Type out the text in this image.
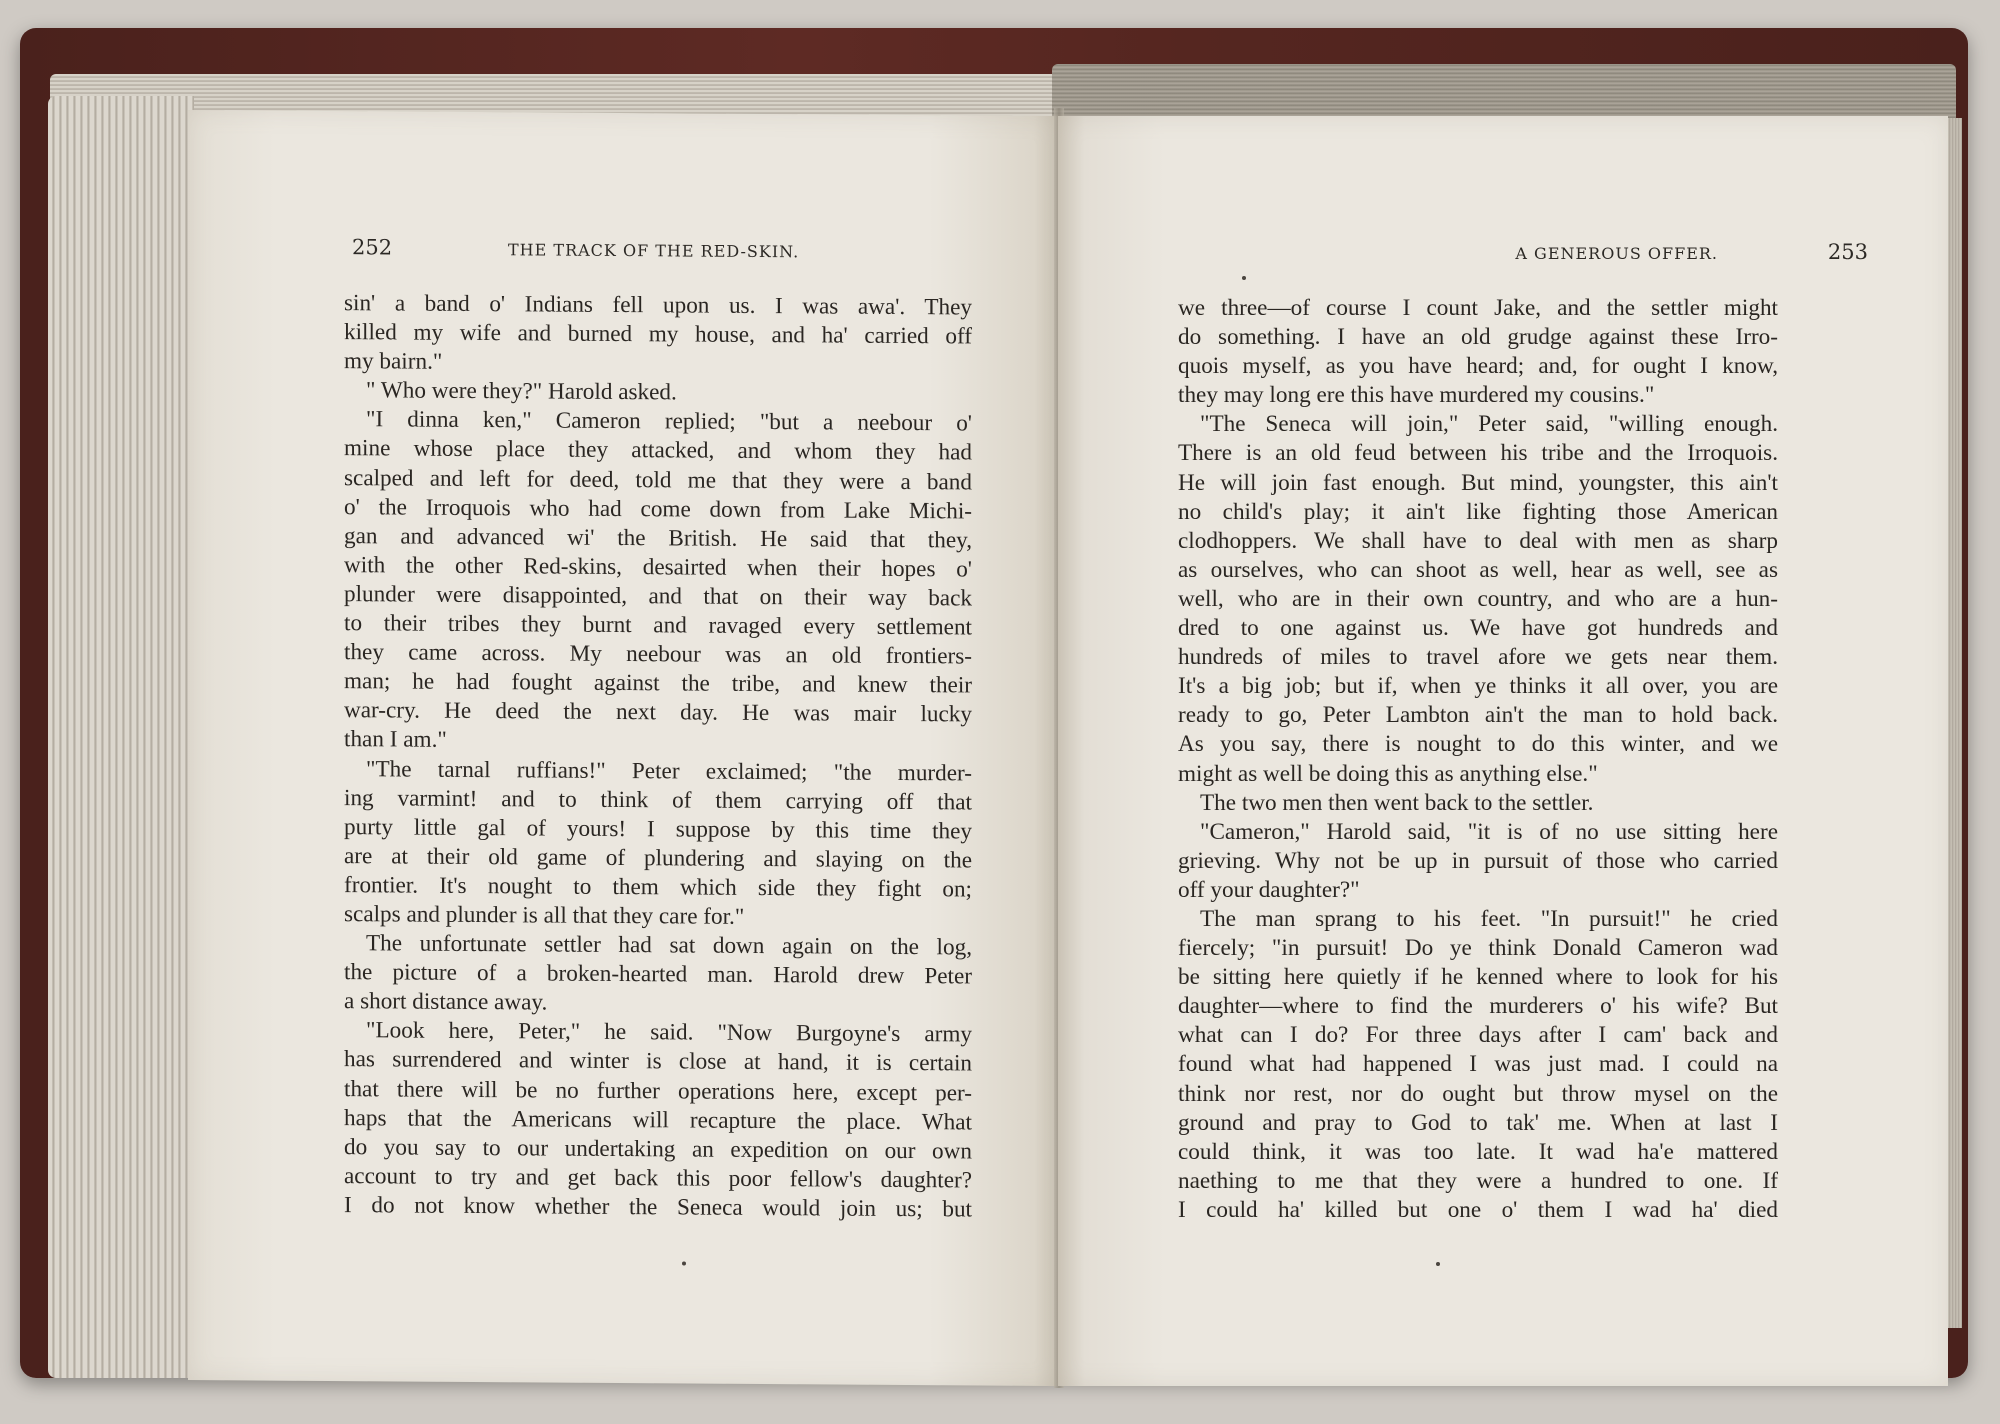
252	THE TRACK OF THE RED-SKIN.
sin' a band o' Indians fell upon us. I was awa'. They
killed my wife and burned my house, and ha' carried off
my bairn."
" Who were they?" Harold asked.
"I dinna ken," Cameron replied; "but a neebour o'
mine whose place they attacked, and whom they had
scalped and left for deed, told me that they were a band
o' the Irroquois who had come down from Lake Michi-
gan and advanced wi' the British. He said that they,
with the other Red-skins, desairted when their hopes o'
plunder were disappointed, and that on their way back
to their tribes they burnt and ravaged every settlement
they came across. My neebour was an old frontiers-
man; he had fought against the tribe, and knew their
war-cry. He deed the next day. He was mair lucky
than I am."
"The tarnal ruffians!" Peter exclaimed; "the murder-
ing varmint! and to think of them carrying off that
purty little gal of yours! I suppose by this time they
are at their old game of plundering and slaying on the
frontier. It's nought to them which side they fight on;
scalps and plunder is all that they care for."
The unfortunate settler had sat down again on the log,
the picture of a broken-hearted man. Harold drew Peter
a short distance away.
"Look here, Peter," he said. "Now Burgoyne's army
has surrendered and winter is close at hand, it is certain
that there will be no further operations here, except per-
haps that the Americans will recapture the place. What
do you say to our undertaking an expedition on our own
account to try and get back this poor fellow's daughter?
I do not know whether the Seneca would join us; but
A GENEROUS OFFER.	253
we three—of course I count Jake, and the settler might
do something. I have an old grudge against these Irro-
quois myself, as you have heard; and, for ought I know,
they may long ere this have murdered my cousins."
"The Seneca will join," Peter said, "willing enough.
There is an old feud between his tribe and the Irroquois.
He will join fast enough. But mind, youngster, this ain't
no child's play; it ain't like fighting those American
clodhoppers. We shall have to deal with men as sharp
as ourselves, who can shoot as well, hear as well, see as
well, who are in their own country, and who are a hun-
dred to one against us. We have got hundreds and
hundreds of miles to travel afore we gets near them.
It's a big job; but if, when ye thinks it all over, you are
ready to go, Peter Lambton ain't the man to hold back.
As you say, there is nought to do this winter, and we
might as well be doing this as anything else."
The two men then went back to the settler.
"Cameron," Harold said, "it is of no use sitting here
grieving. Why not be up in pursuit of those who carried
off your daughter?"
The man sprang to his feet. "In pursuit!" he cried
fiercely; "in pursuit! Do ye think Donald Cameron wad
be sitting here quietly if he kenned where to look for his
daughter—where to find the murderers o' his wife? But
what can I do? For three days after I cam' back and
found what had happened I was just mad. I could na
think nor rest, nor do ought but throw mysel on the
ground and pray to God to tak' me. When at last I
could think, it was too late. It wad ha'e mattered
naething to me that they were a hundred to one. If
I could ha' killed but one o' them I wad ha' died
